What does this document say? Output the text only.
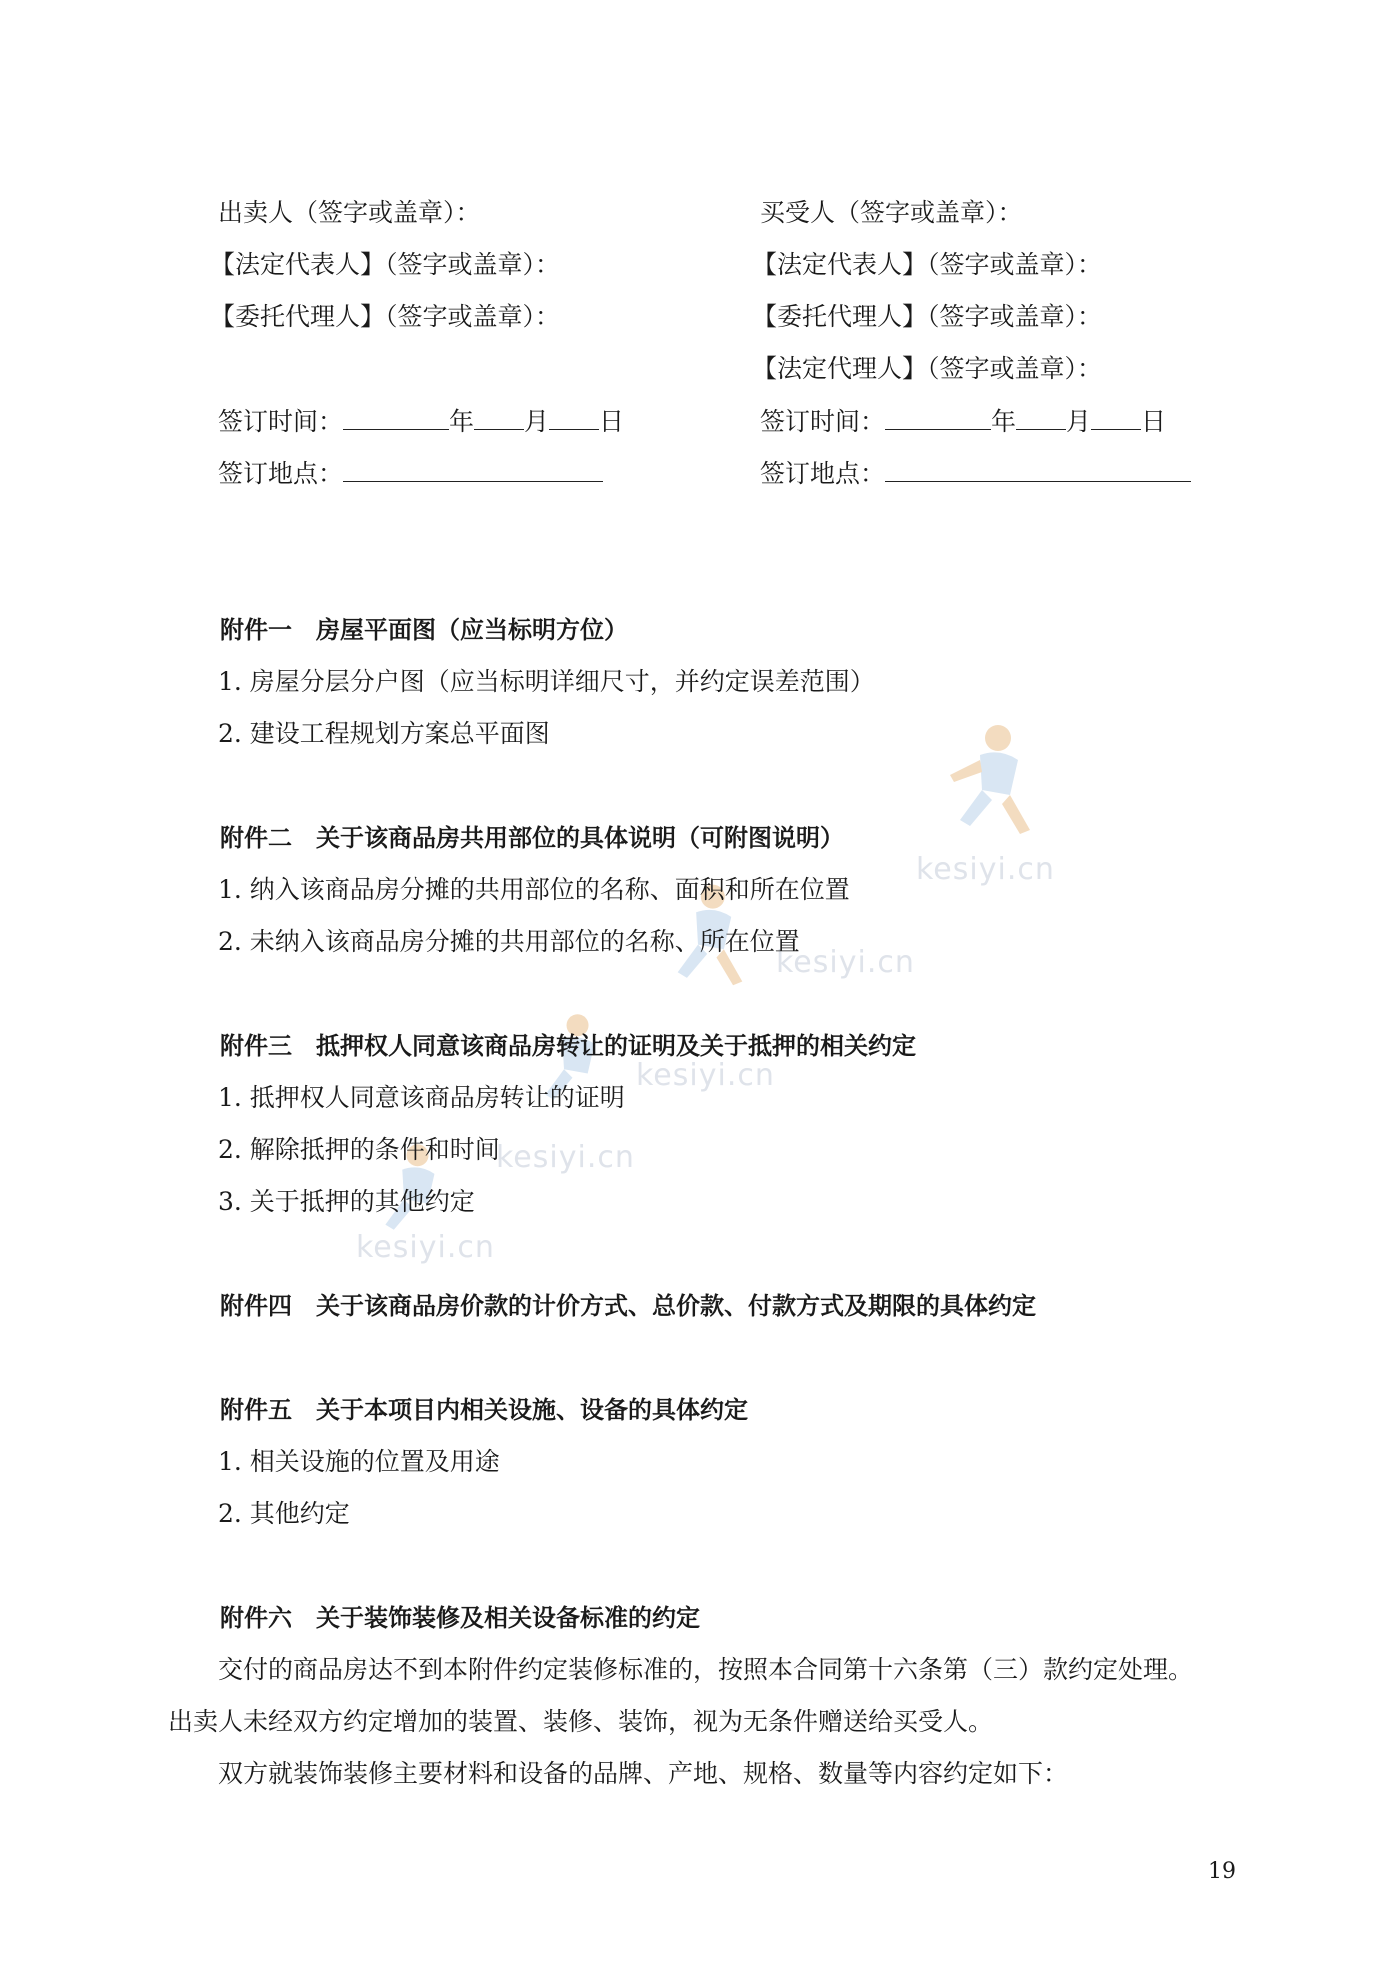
kesiyi.cn
kesiyi.cn
kesiyi.cn
kesiyi.cn
kesiyi.cn
出卖人（签字或盖章）：
【法定代表人】（签字或盖章）：
【委托代理人】（签字或盖章）：
签订时间：	年 月 日
签订地点：
买受人（签字或盖章）：
【法定代表人】（签字或盖章）：
【委托代理人】（签字或盖章）：
【法定代理人】（签字或盖章）：
签订时间：	年 月 日
签订地点：
附件一　房屋平面图（应当标明方位）
1. 房屋分层分户图（应当标明详细尺寸，并约定误差范围）
2. 建设工程规划方案总平面图
附件二　关于该商品房共用部位的具体说明（可附图说明）
1. 纳入该商品房分摊的共用部位的名称、面积和所在位置
2. 未纳入该商品房分摊的共用部位的名称、所在位置
附件三　抵押权人同意该商品房转让的证明及关于抵押的相关约定
1. 抵押权人同意该商品房转让的证明
2. 解除抵押的条件和时间
3. 关于抵押的其他约定
附件四　关于该商品房价款的计价方式、总价款、付款方式及期限的具体约定
附件五　关于本项目内相关设施、设备的具体约定
1. 相关设施的位置及用途
2. 其他约定
附件六　关于装饰装修及相关设备标准的约定
交付的商品房达不到本附件约定装修标准的，按照本合同第十六条第（三）款约定处理。
出卖人未经双方约定增加的装置、装修、装饰，视为无条件赠送给买受人。
双方就装饰装修主要材料和设备的品牌、产地、规格、数量等内容约定如下：
19
